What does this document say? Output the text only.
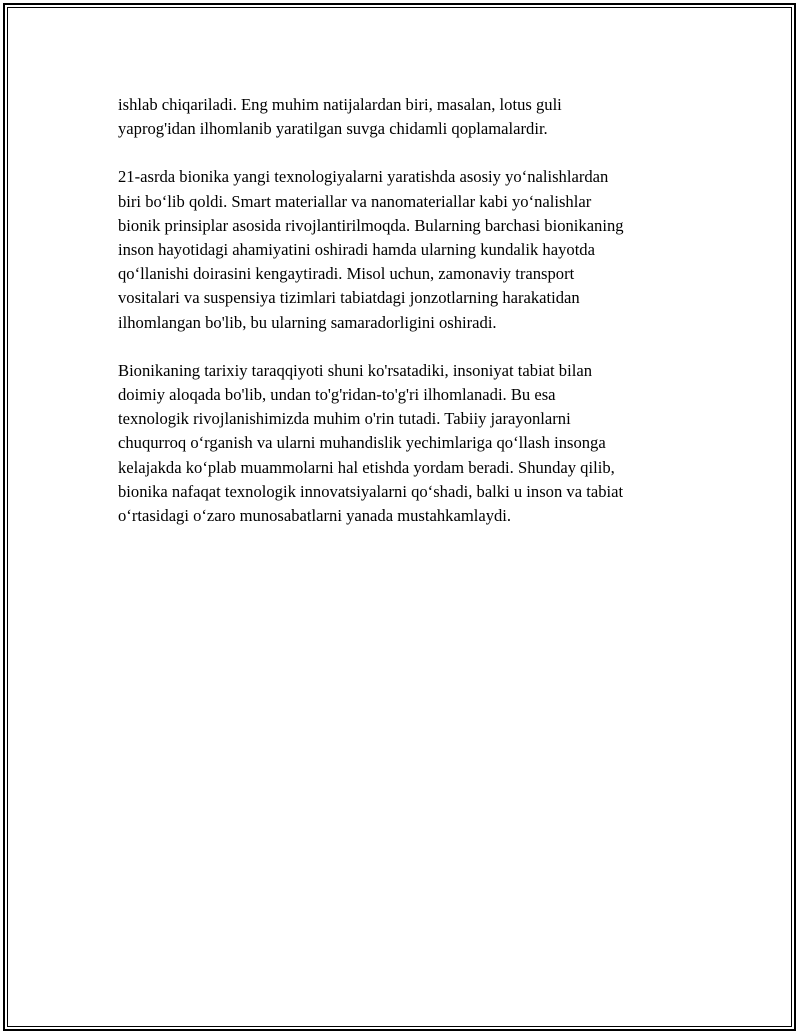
ishlab chiqariladi. Eng muhim natijalardan biri, masalan, lotus guli
yaprog'idan ilhomlanib yaratilgan suvga chidamli qoplamalardir.

21-asrda bionika yangi texnologiyalarni yaratishda asosiy yo‘nalishlardan
biri bo‘lib qoldi. Smart materiallar va nanomateriallar kabi yo‘nalishlar
bionik prinsiplar asosida rivojlantirilmoqda. Bularning barchasi bionikaning
inson hayotidagi ahamiyatini oshiradi hamda ularning kundalik hayotda
qo‘llanishi doirasini kengaytiradi. Misol uchun, zamonaviy transport
vositalari va suspensiya tizimlari tabiatdagi jonzotlarning harakatidan
ilhomlangan bo'lib, bu ularning samaradorligini oshiradi.

Bionikaning tarixiy taraqqiyoti shuni ko'rsatadiki, insoniyat tabiat bilan
doimiy aloqada bo'lib, undan to'g'ridan-to'g'ri ilhomlanadi. Bu esa
texnologik rivojlanishimizda muhim o'rin tutadi. Tabiiy jarayonlarni
chuqurroq o‘rganish va ularni muhandislik yechimlariga qo‘llash insonga
kelajakda ko‘plab muammolarni hal etishda yordam beradi. Shunday qilib,
bionika nafaqat texnologik innovatsiyalarni qo‘shadi, balki u inson va tabiat
o‘rtasidagi o‘zaro munosabatlarni yanada mustahkamlaydi.
